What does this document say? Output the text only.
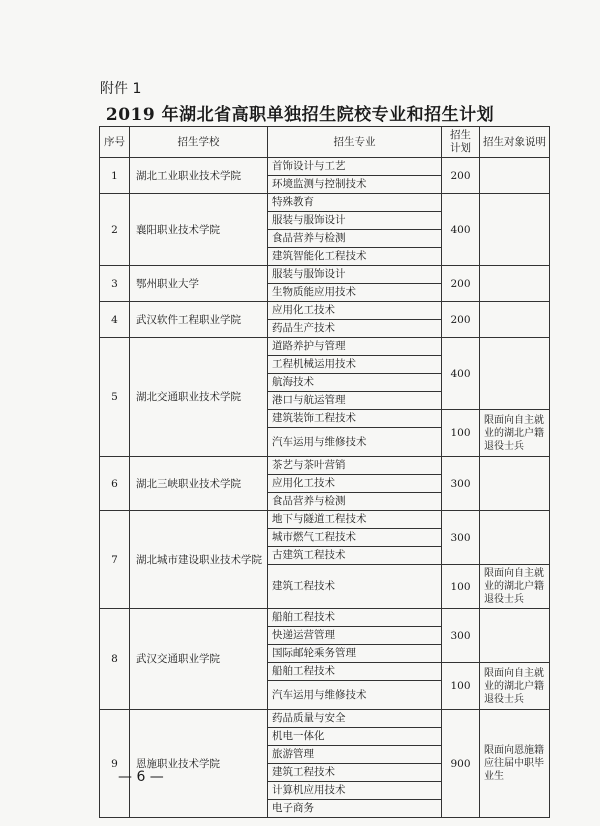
附件 1
2019 年湖北省高职单独招生院校专业和招生计划
序号	招生学校	招生专业	招生计划	招生对象说明
1	湖北工业职业技术学院	首饰设计与工艺	200	
		环境监测与控制技术		
2	襄阳职业技术学院	特殊教育	400	
		服装与服饰设计		
		食品营养与检测		
		建筑智能化工程技术		
3	鄂州职业大学	服装与服饰设计	200	
		生物质能应用技术		
4	武汉软件工程职业学院	应用化工技术	200	
		药品生产技术		
5	湖北交通职业技术学院	道路养护与管理	400	
		工程机械运用技术		
		航海技术		
		港口与航运管理		
		建筑装饰工程技术	100	限面向自主就业的湖北户籍退役士兵
		汽车运用与维修技术		
6	湖北三峡职业技术学院	茶艺与茶叶营销	300	
		应用化工技术		
		食品营养与检测		
7	湖北城市建设职业技术学院	地下与隧道工程技术	300	
		城市燃气工程技术		
		古建筑工程技术		
		建筑工程技术	100	限面向自主就业的湖北户籍退役士兵
8	武汉交通职业学院	船舶工程技术	300	
		快递运营管理		
		国际邮轮乘务管理		
		船舶工程技术	100	限面向自主就业的湖北户籍退役士兵
		汽车运用与维修技术		
9	恩施职业技术学院	药品质量与安全	900	限面向恩施籍应往届中职毕业生
		机电一体化		
		旅游管理		
		建筑工程技术		
		计算机应用技术		
		电子商务		
— 6 —
